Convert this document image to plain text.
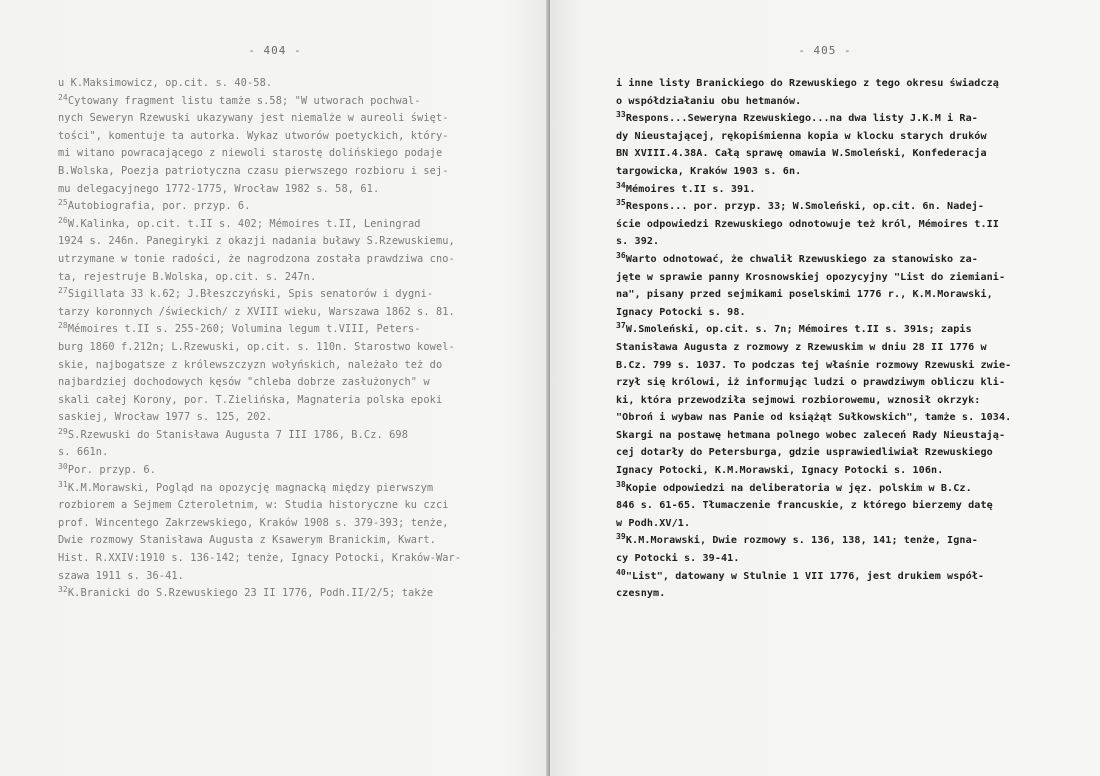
- 404 -
u K.Maksimowicz, op.cit. s. 40-58.
$^{24}$Cytowany fragment listu tamże s.58; "W utworach pochwal-
nych Seweryn Rzewuski ukazywany jest niemalże w aureoli święt-
tości", komentuje ta autorka. Wykaz utworów poetyckich, który-
mi witano powracającego z niewoli starostę dolińskiego podaje
B.Wolska, Poezja patriotyczna czasu pierwszego rozbioru i sej-
mu delegacyjnego 1772-1775, Wrocław 1982 s. 58, 61.
$^{25}$Autobiografia, por. przyp. 6.
$^{26}$W.Kalinka, op.cit. t.II s. 402; Mémoires t.II, Leningrad
1924 s. 246n. Panegiryki z okazji nadania buławy S.Rzewuskiemu,
utrzymane w tonie radości, że nagrodzona została prawdziwa cno-
ta, rejestruje B.Wolska, op.cit. s. 247n.
$^{27}$Sigillata 33 k.62; J.Błeszczyński, Spis senatorów i dygni-
tarzy koronnych /świeckich/ z XVIII wieku, Warszawa 1862 s. 81.
$^{28}$Mémoires t.II s. 255-260; Volumina legum t.VIII, Peters-
burg 1860 f.212n; L.Rzewuski, op.cit. s. 110n. Starostwo kowel-
skie, najbogatsze z królewszczyzn wołyńskich, należało też do
najbardziej dochodowych kęsów "chleba dobrze zasłużonych" w
skali całej Korony, por. T.Zielińska, Magnateria polska epoki
saskiej, Wrocław 1977 s. 125, 202.
$^{29}$S.Rzewuski do Stanisława Augusta 7 III 1786, B.Cz. 698
s. 661n.
$^{30}$Por. przyp. 6.
$^{31}$K.M.Morawski, Pogląd na opozycję magnacką między pierwszym
rozbiorem a Sejmem Czteroletnim, w: Studia historyczne ku czci
prof. Wincentego Zakrzewskiego, Kraków 1908 s. 379-393; tenże,
Dwie rozmowy Stanisława Augusta z Ksawerym Branickim, Kwart.
Hist. R.XXIV:1910 s. 136-142; tenże, Ignacy Potocki, Kraków-War-
szawa 1911 s. 36-41.
$^{32}$K.Branicki do S.Rzewuskiego 23 II 1776, Podh.II/2/5; także
- 405 -
i inne listy Branickiego do Rzewuskiego z tego okresu świadczą
o współdziałaniu obu hetmanów.
$^{33}$Respons...Seweryna Rzewuskiego...na dwa listy J.K.M i Ra-
dy Nieustającej, rękopiśmienna kopia w klocku starych druków
BN XVIII.4.38A. Całą sprawę omawia W.Smoleński, Konfederacja
targowicka, Kraków 1903 s. 6n.
$^{34}$Mémoires t.II s. 391.
$^{35}$Respons... por. przyp. 33; W.Smoleński, op.cit. 6n. Nadej-
ście odpowiedzi Rzewuskiego odnotowuje też król, Mémoires t.II
s. 392.
$^{36}$Warto odnotować, że chwalił Rzewuskiego za stanowisko za-
jęte w sprawie panny Krosnowskiej opozycyjny "List do ziemiani-
na", pisany przed sejmikami poselskimi 1776 r., K.M.Morawski,
Ignacy Potocki s. 98.
$^{37}$W.Smoleński, op.cit. s. 7n; Mémoires t.II s. 391s; zapis
Stanisława Augusta z rozmowy z Rzewuskim w dniu 28 II 1776 w
B.Cz. 799 s. 1037. To podczas tej właśnie rozmowy Rzewuski zwie-
rzył się królowi, iż informując ludzi o prawdziwym obliczu kli-
ki, która przewodziła sejmowi rozbiorowemu, wznosił okrzyk:
"Obroń i wybaw nas Panie od książąt Sułkowskich", tamże s. 1034.
Skargi na postawę hetmana polnego wobec zaleceń Rady Nieustają-
cej dotarły do Petersburga, gdzie usprawiedliwiał Rzewuskiego
Ignacy Potocki, K.M.Morawski, Ignacy Potocki s. 106n.
$^{38}$Kopie odpowiedzi na deliberatoria w jęz. polskim w B.Cz.
846 s. 61-65. Tłumaczenie francuskie, z którego bierzemy datę
w Podh.XV/1.
$^{39}$K.M.Morawski, Dwie rozmowy s. 136, 138, 141; tenże, Igna-
cy Potocki s. 39-41.
$^{40}$"List", datowany w Stulnie 1 VII 1776, jest drukiem współ-
czesnym.
